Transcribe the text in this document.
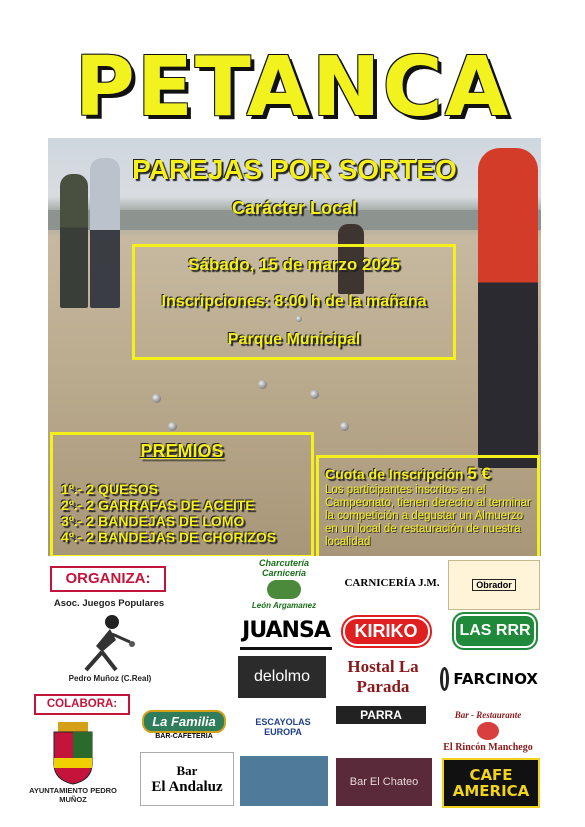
PETANCA
PAREJAS POR SORTEO
Carácter Local
Sábado, 15 de marzo 2025
Inscripciones: 8:00 h de la mañana
Parque Municipal
PREMIOS
1º.- 2 QUESOS
2º.- 2 GARRAFAS DE ACEITE
3º.- 2 BANDEJAS DE LOMO
4º.- 2 BANDEJAS DE CHORIZOS
Cuota de Inscripción 5 €
Los participantes inscritos en el Campeonato, tienen derecho al terminar la competición a degustar un Almuerzo en un local de restauración de nuestra localidad
ORGANIZA:
Asoc. Juegos Populares
Pedro Muñoz (C.Real)
COLABORA:
AYUNTAMIENTO PEDRO MUÑOZ
Charcutería Carnicería
León Argamanez
JUANSA
delolmo
La Familia
BAR-CAFETERIA
Bar
El Andaluz
CARNICERÍA J.M.
KIRIKO
Hostal La Parada
ESCAYOLAS EUROPA
PARRA
Bar El Chateo
Obrador
LAS RRR
FARCINOX
Bar - Restaurante
El Rincón Manchego
CAFE AMERICA
